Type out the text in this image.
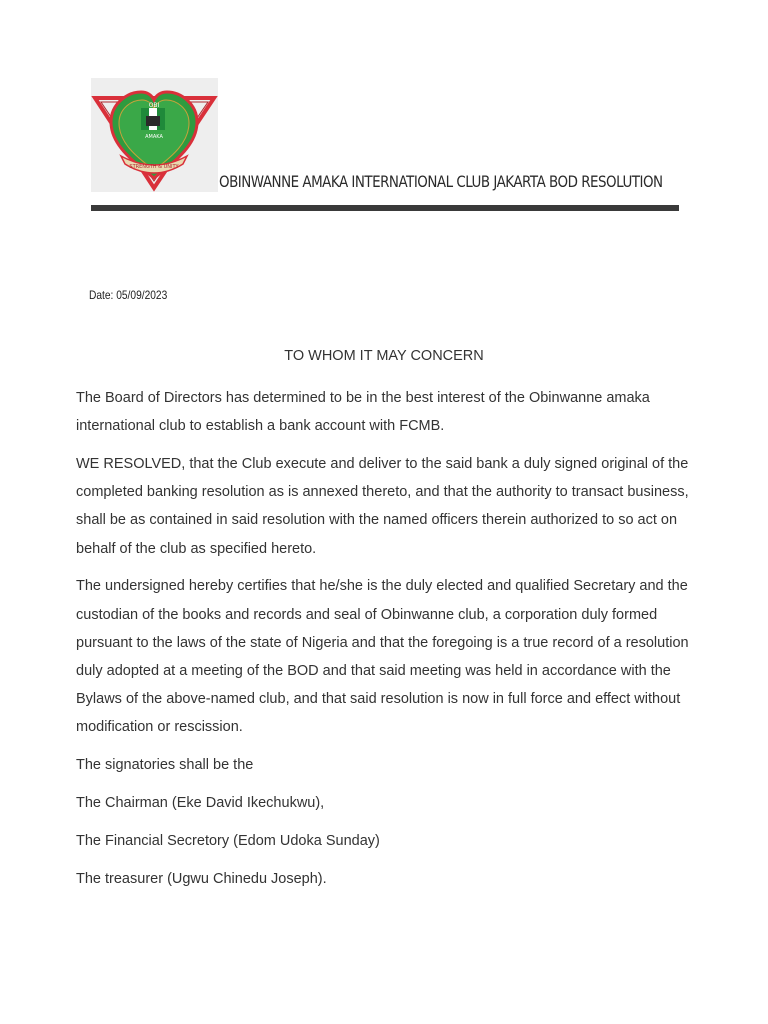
OBI
AMAKA
STRENGTH & UNITY
OBINWANNE AMAKA INTERNATIONAL CLUB JAKARTA BOD RESOLUTION
Date: 05/09/2023
TO WHOM IT MAY CONCERN

The Board of Directors has determined to be in the best interest of the Obinwanne amaka international club to establish a bank account with FCMB.

WE RESOLVED, that the Club execute and deliver to the said bank a duly signed original of the completed banking resolution as is annexed thereto, and that the authority to transact business, shall be as contained in said resolution with the named officers therein authorized to so act on behalf of the club as specified hereto.

The undersigned hereby certifies that he/she is the duly elected and qualified Secretary and the custodian of the books and records and seal of Obinwanne club, a corporation duly formed pursuant to the laws of the state of Nigeria and that the foregoing is a true record of a resolution duly adopted at a meeting of the BOD and that said meeting was held in accordance with the Bylaws of the above-named club, and that said resolution is now in full force and effect without modification or rescission.

The signatories shall be the

The Chairman (Eke David Ikechukwu),

The Financial Secretory (Edom Udoka Sunday)

The treasurer (Ugwu Chinedu Joseph).
